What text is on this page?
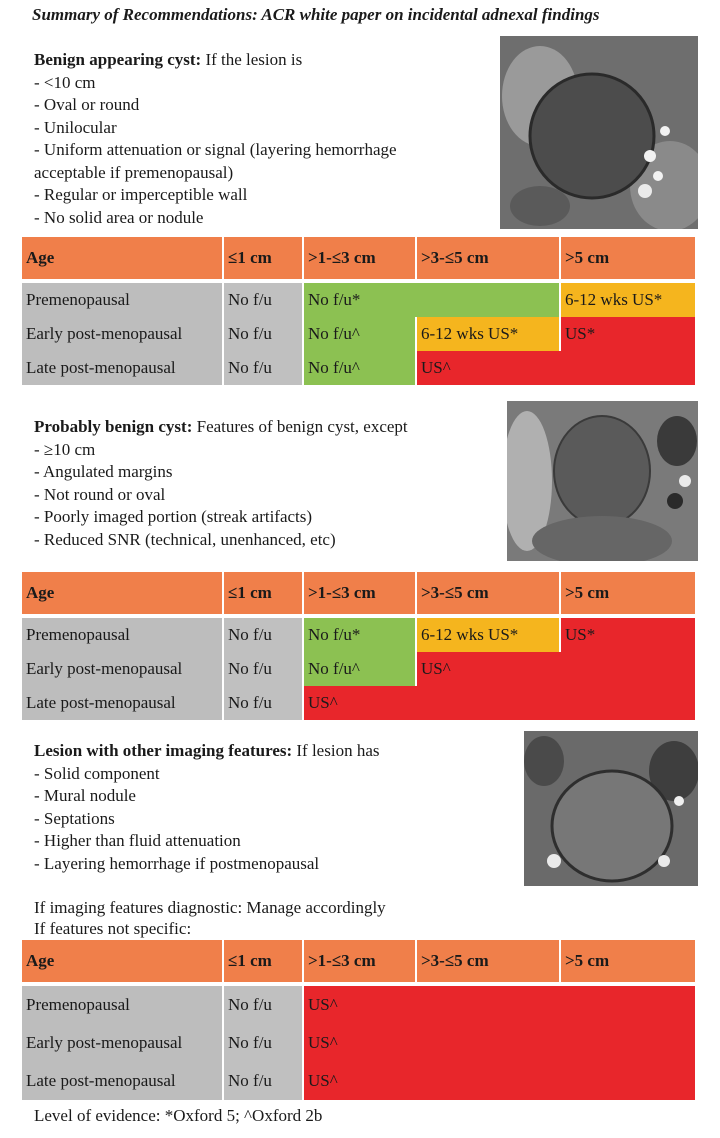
Summary of Recommendations: ACR white paper on incidental adnexal findings
Benign appearing cyst: If the lesion is
- <10 cm
- Oval or round
- Unilocular
- Uniform attenuation or signal (layering hemorrhage
acceptable if premenopausal)
- Regular or imperceptible wall
- No solid area or nodule
Age	≤1 cm	>1-≤3 cm	>3-≤5 cm	>5 cm

Premenopausal	No f/u	No f/u*		6-12 wks US*
Early post-menopausal	No f/u	No f/u^	6-12 wks US*	US*
Late post-menopausal	No f/u	No f/u^	US^	
Probably benign cyst: Features of benign cyst, except
- ≥10 cm
- Angulated margins
- Not round or oval
- Poorly imaged portion (streak artifacts)
- Reduced SNR (technical, unenhanced, etc)
Age	≤1 cm	>1-≤3 cm	>3-≤5 cm	>5 cm

Premenopausal	No f/u	No f/u*	6-12 wks US*	US*
Early post-menopausal	No f/u	No f/u^	US^	
Late post-menopausal	No f/u	US^		
Lesion with other imaging features: If lesion has
- Solid component
- Mural nodule
- Septations
- Higher than fluid attenuation
- Layering hemorrhage if postmenopausal
If imaging features diagnostic: Manage accordingly
If features not specific:
Age	≤1 cm	>1-≤3 cm	>3-≤5 cm	>5 cm

Premenopausal	No f/u	US^		
Early post-menopausal	No f/u	US^		
Late post-menopausal	No f/u	US^		
Level of evidence: *Oxford 5; ^Oxford 2b
